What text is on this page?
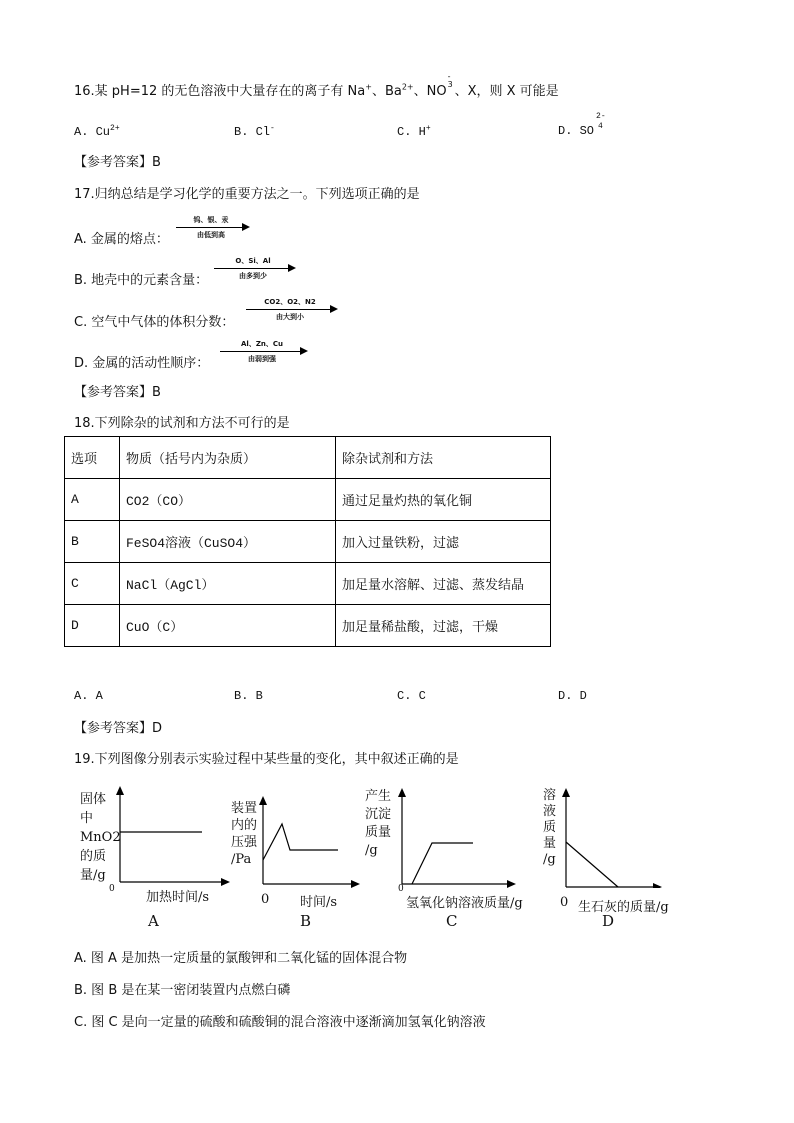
16.某 pH=12 的无色溶液中大量存在的离子有 Na+、$Ba^{2+}$、NO
-
3 、X，则 X 可能是
A. $Cu^{2+}$	B. Cl-	C. H+	D. SO
2-
4
【参考答案】B
17.归纳总结是学习化学的重要方法之一。下列选项正确的是
A. 金属的熔点：
钨、银、汞
由低到高
B. 地壳中的元素含量：
O、Si、Al
由多到少
C. 空气中气体的体积分数：
CO2、O2、N2
由大到小
D. 金属的活动性顺序：
Al、Zn、Cu
由弱到强
【参考答案】B
18.下列除杂的试剂和方法不可行的是
选项	物质（括号内为杂质）	除杂试剂和方法
A	CO2（CO）	通过足量灼热的氧化铜
B	FeSO4溶液（CuSO4）	加入过量铁粉，过滤
C	NaCl（AgCl）	加足量水溶解、过滤、蒸发结晶
D	CuO（C）	加足量稀盐酸，过滤，干燥
A. A	B. B	C. C	D. D
【参考答案】D
19.下列图像分别表示实验过程中某些量的变化，其中叙述正确的是
固体
中
MnO2
的质
量/g
0
加热时间/s
A
装置
内的
压强
/Pa
0 时间/s
B
产生
沉淀
质量
/g
0
氢氧化钠溶液质量/g
C
溶
液
质
量
/g
0 生石灰的质量/g
D
A. 图 A 是加热一定质量的氯酸钾和二氧化锰的固体混合物
B. 图 B 是在某一密闭装置内点燃白磷
C. 图 C 是向一定量的硫酸和硫酸铜的混合溶液中逐渐滴加氢氧化钠溶液
